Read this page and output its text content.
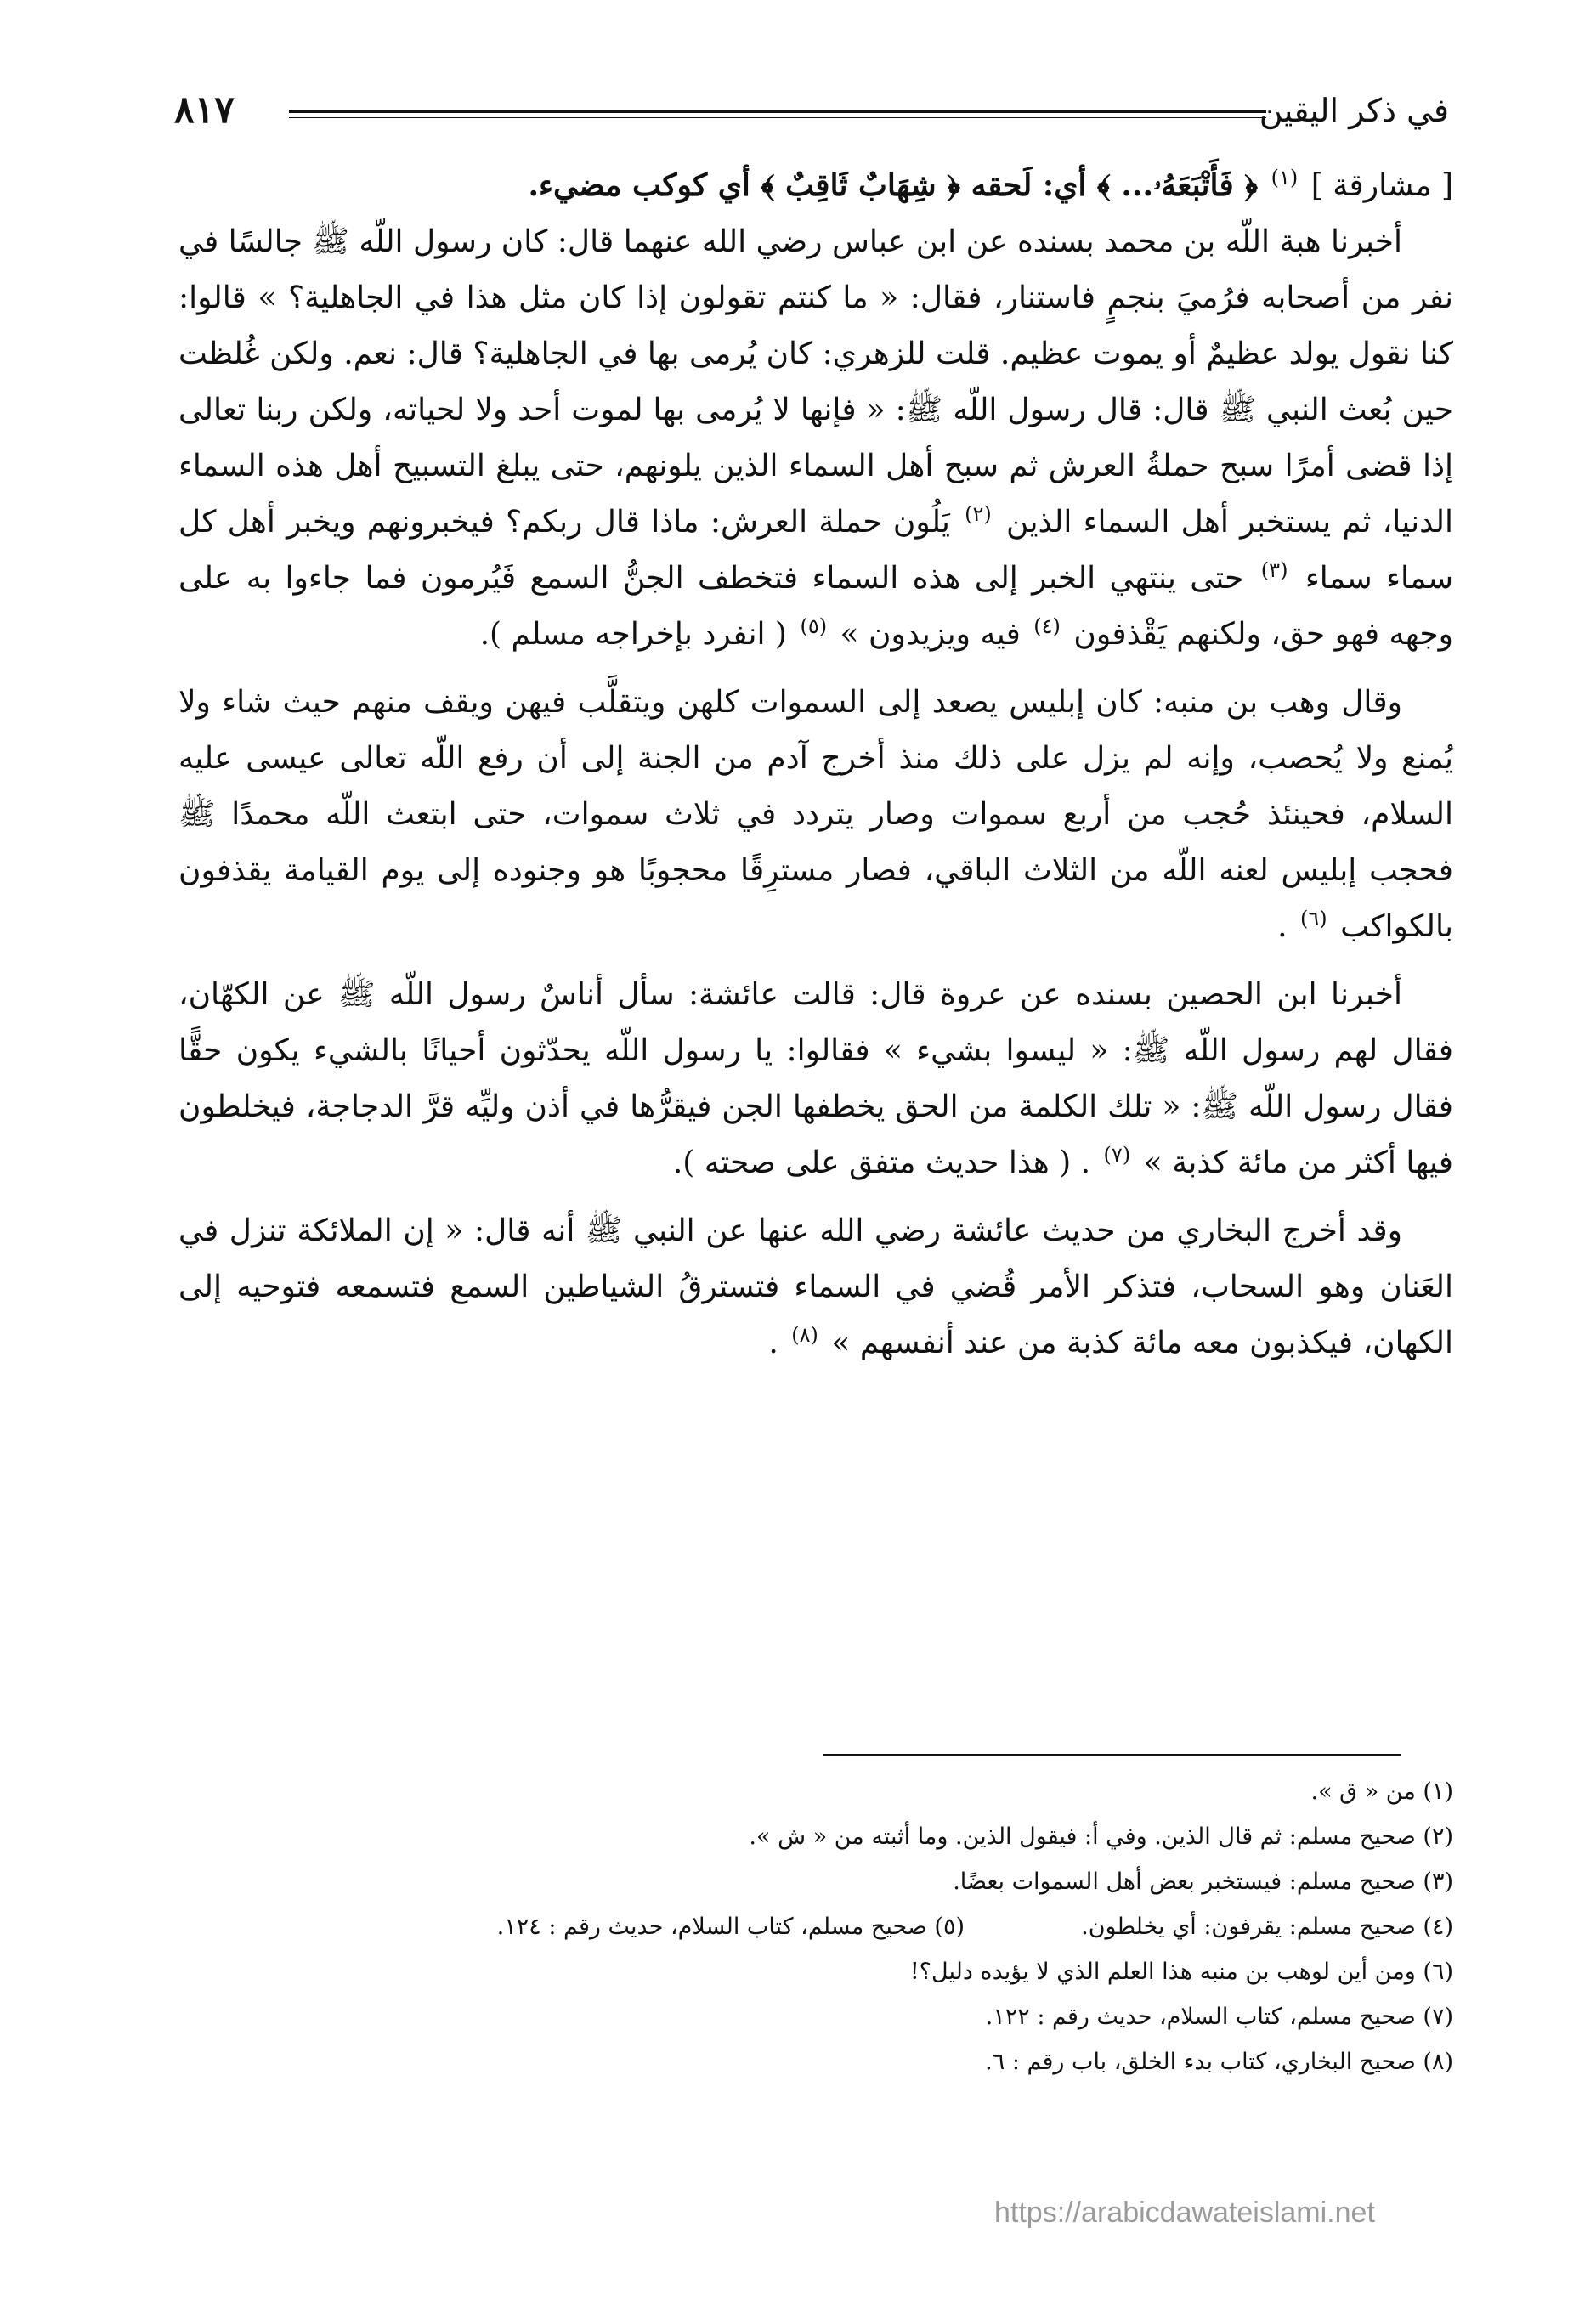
في ذكر اليقين
٨١٧

[ مشارقة ] $^{(١)}$ ﴿ فَأَتْبَعَهُۥ... ﴾ أي: لَحقه ﴿ شِهَابٌ ثَاقِبٌ ﴾ أي كوكب مضيء.

أخبرنا هبة اللّه بن محمد بسنده عن ابن عباس رضي الله عنهما قال: كان رسول اللّه ﷺ جالسًا في نفر من أصحابه فرُميَ بنجمٍ فاستنار، فقال: « ما كنتم تقولون إذا كان مثل هذا في الجاهلية؟ » قالوا: كنا نقول يولد عظيمٌ أو يموت عظيم. قلت للزهري: كان يُرمى بها في الجاهلية؟ قال: نعم. ولكن غُلظت حين بُعث النبي ﷺ قال: قال رسول اللّه ﷺ: « فإنها لا يُرمى بها لموت أحد ولا لحياته، ولكن ربنا تعالى إذا قضى أمرًا سبح حملةُ العرش ثم سبح أهل السماء الذين يلونهم، حتى يبلغ التسبيح أهل هذه السماء الدنيا، ثم يستخبر أهل السماء الذين $^{(٢)}$ يَلُون حملة العرش: ماذا قال ربكم؟ فيخبرونهم ويخبر أهل كل سماء سماء $^{(٣)}$ حتى ينتهي الخبر إلى هذه السماء فتخطف الجنُّ السمع فَيُرمون فما جاءوا به على وجهه فهو حق، ولكنهم يَقْذفون $^{(٤)}$ فيه ويزيدون » $^{(٥)}$ ( انفرد بإخراجه مسلم ).

وقال وهب بن منبه: كان إبليس يصعد إلى السموات كلهن ويتقلَّب فيهن ويقف منهم حيث شاء ولا يُمنع ولا يُحصب، وإنه لم يزل على ذلك منذ أخرج آدم من الجنة إلى أن رفع اللّه تعالى عيسى عليه السلام، فحينئذ حُجب من أربع سموات وصار يتردد في ثلاث سموات، حتى ابتعث اللّه محمدًا ﷺ فحجب إبليس لعنه اللّه من الثلاث الباقي، فصار مسترِقًا محجوبًا هو وجنوده إلى يوم القيامة يقذفون بالكواكب $^{(٦)}$ .

أخبرنا ابن الحصين بسنده عن عروة قال: قالت عائشة: سأل أناسٌ رسول اللّه ﷺ عن الكهّان، فقال لهم رسول اللّه ﷺ: « ليسوا بشيء » فقالوا: يا رسول اللّه يحدّثون أحيانًا بالشيء يكون حقًّا فقال رسول اللّه ﷺ: « تلك الكلمة من الحق يخطفها الجن فيقرُّها في أذن وليِّه قرَّ الدجاجة، فيخلطون فيها أكثر من مائة كذبة » $^{(٧)}$ . ( هذا حديث متفق على صحته ).

وقد أخرج البخاري من حديث عائشة رضي الله عنها عن النبي ﷺ أنه قال: « إن الملائكة تنزل في العَنان وهو السحاب، فتذكر الأمر قُضي في السماء فتسترقُ الشياطين السمع فتسمعه فتوحيه إلى الكهان، فيكذبون معه مائة كذبة من عند أنفسهم » $^{(٨)}$ .

(١) من « ق ».
(٢) صحيح مسلم: ثم قال الذين. وفي أ: فيقول الذين. وما أثبته من « ش ».
(٣) صحيح مسلم: فيستخبر بعض أهل السموات بعضًا.
(٤) صحيح مسلم: يقرفون: أي يخلطون.
(٥) صحيح مسلم، كتاب السلام، حديث رقم : ١٢٤.
(٦) ومن أين لوهب بن منبه هذا العلم الذي لا يؤيده دليل؟!
(٧) صحيح مسلم، كتاب السلام، حديث رقم : ١٢٢.
(٨) صحيح البخاري، كتاب بدء الخلق، باب رقم : ٦.
https://arabicdawateislami.net
